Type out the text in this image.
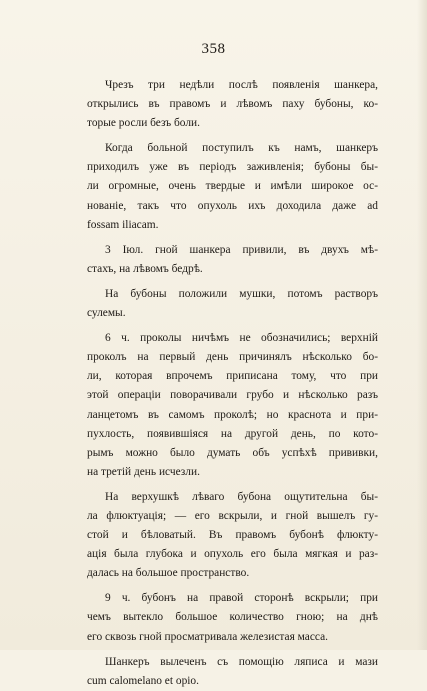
358
Чрезъ три недѣли послѣ появленія шанкера,
открылись въ правомъ и лѣвомъ паху бубоны, ко-
торые росли безъ боли.
Когда больной поступилъ къ намъ, шанкеръ
приходилъ уже въ періодъ заживленія; бубоны бы-
ли огромные, очень твердые и имѣли широкое ос-
нованіе, такъ что опухоль ихъ доходила даже ad
fossam iliacam.
3 Іюл. гной шанкера привили, въ двухъ мѣ-
стахъ, на лѣвомъ бедрѣ.
На бубоны положили мушки, потомъ растворъ
сулемы.
6 ч. проколы ничѣмъ не обозначились; верхній
проколъ на первый день причинялъ нѣсколько бо-
ли, которая впрочемъ приписана тому, что при
этой операціи поворачивали грубо и нѣсколько разъ
ланцетомъ въ самомъ проколѣ; но краснота и при-
пухлость, появившіяся на другой день, по кото-
рымъ можно было думать объ успѣхѣ прививки,
на третій день исчезли.
На верхушкѣ лѣваго бубона ощутительна бы-
ла флюктуація; — его вскрыли, и гной вышелъ гу-
стой и бѣловатый. Въ правомъ бубонѣ флюкту-
ація была глубока и опухоль его была мягкая и раз-
далась на большое пространство.
9 ч. бубонъ на правой сторонѣ вскрыли; при
чемъ вытекло большое количество гною; на днѣ
его сквозь гной просматривала железистая масса.
Шанкеръ вылеченъ съ помощію ляписа и мази
cum calomelano et opio.
